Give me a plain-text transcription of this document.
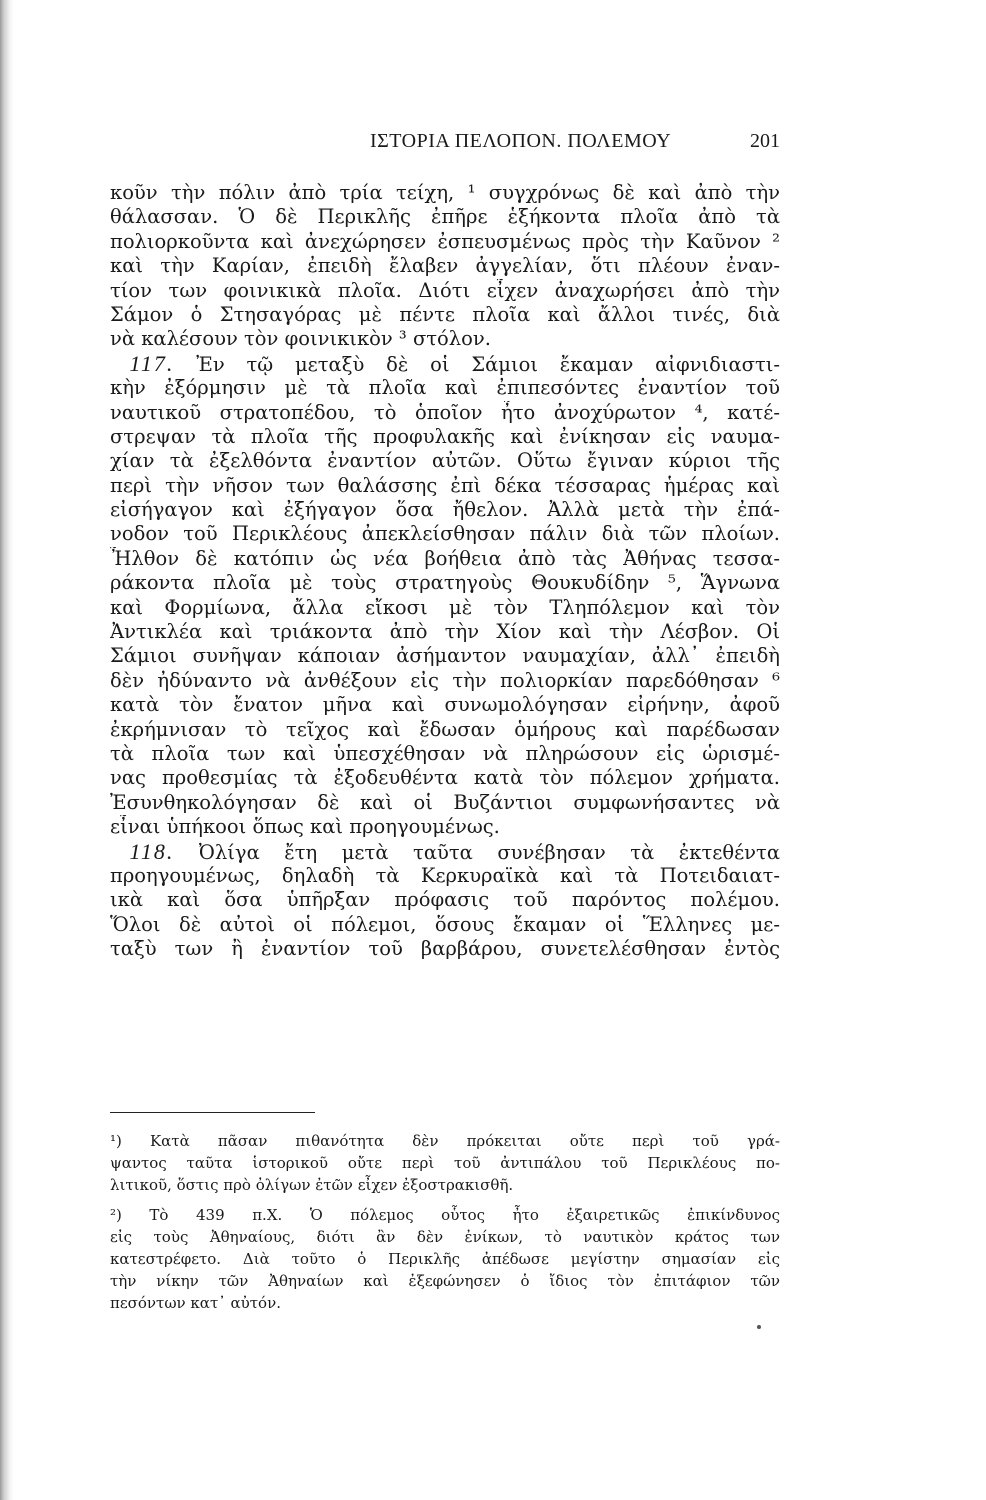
ΙΣΤΟΡΙΑ ΠΕΛΟΠΟΝ. ΠΟΛΕΜΟΥ	201
κοῦν τὴν πόλιν ἀπὸ τρία τείχη, ¹ συγχρόνως δὲ καὶ ἀπὸ τὴν
θάλασσαν. Ὁ δὲ Περικλῆς ἐπῆρε ἑξήκοντα πλοῖα ἀπὸ τὰ
πολιορκοῦντα καὶ ἀνεχώρησεν ἐσπευσμένως πρὸς τὴν Καῦνον ²
καὶ τὴν Καρίαν, ἐπειδὴ ἔλαβεν ἀγγελίαν, ὅτι πλέουν ἐναν-
τίον των φοινικικὰ πλοῖα. Διότι εἶχεν ἀναχωρήσει ἀπὸ τὴν
Σάμον ὁ Στησαγόρας μὲ πέντε πλοῖα καὶ ἄλλοι τινές, διὰ
νὰ καλέσουν τὸν φοινικικὸν ³ στόλον.
 117. Ἐν τῷ μεταξὺ δὲ οἱ Σάμιοι ἔκαμαν αἰφνιδιαστι-
κὴν ἐξόρμησιν μὲ τὰ πλοῖα καὶ ἐπιπεσόντες ἐναντίον τοῦ
ναυτικοῦ στρατοπέδου, τὸ ὁποῖον ἦτο ἀνοχύρωτον ⁴, κατέ-
στρεψαν τὰ πλοῖα τῆς προφυλακῆς καὶ ἐνίκησαν εἰς ναυμα-
χίαν τὰ ἐξελθόντα ἐναντίον αὐτῶν. Οὕτω ἔγιναν κύριοι τῆς
περὶ τὴν νῆσον των θαλάσσης ἐπὶ δέκα τέσσαρας ἡμέρας καὶ
εἰσήγαγον καὶ ἐξήγαγον ὅσα ἤθελον. Ἀλλὰ μετὰ τὴν ἐπά-
νοδον τοῦ Περικλέους ἀπεκλείσθησαν πάλιν διὰ τῶν πλοίων.
Ἦλθον δὲ κατόπιν ὡς νέα βοήθεια ἀπὸ τὰς Ἀθήνας τεσσα-
ράκοντα πλοῖα μὲ τοὺς στρατηγοὺς Θουκυδίδην ⁵, Ἅγνωνα
καὶ Φορμίωνα, ἄλλα εἴκοσι μὲ τὸν Τληπόλεμον καὶ τὸν
Ἀντικλέα καὶ τριάκοντα ἀπὸ τὴν Χίον καὶ τὴν Λέσβον. Οἱ
Σάμιοι συνῆψαν κάποιαν ἀσήμαντον ναυμαχίαν, ἀλλ᾽ ἐπειδὴ
δὲν ἠδύναντο νὰ ἀνθέξουν εἰς τὴν πολιορκίαν παρεδόθησαν ⁶
κατὰ τὸν ἔνατον μῆνα καὶ συνωμολόγησαν εἰρήνην, ἀφοῦ
ἐκρήμνισαν τὸ τεῖχος καὶ ἔδωσαν ὁμήρους καὶ παρέδωσαν
τὰ πλοῖα των καὶ ὑπεσχέθησαν νὰ πληρώσουν εἰς ὡρισμέ-
νας προθεσμίας τὰ ἐξοδευθέντα κατὰ τὸν πόλεμον χρήματα.
Ἐσυνθηκολόγησαν δὲ καὶ οἱ Βυζάντιοι συμφωνήσαντες νὰ
εἶναι ὑπήκοοι ὅπως καὶ προηγουμένως.
 118. Ὀλίγα ἔτη μετὰ ταῦτα συνέβησαν τὰ ἐκτεθέντα
προηγουμένως, δηλαδὴ τὰ Κερκυραϊκὰ καὶ τὰ Ποτειδαιατ-
ικὰ καὶ ὅσα ὑπῆρξαν πρόφασις τοῦ παρόντος πολέμου.
Ὅλοι δὲ αὐτοὶ οἱ πόλεμοι, ὅσους ἔκαμαν οἱ Ἕλληνες με-
ταξὺ των ἢ ἐναντίον τοῦ βαρβάρου, συνετελέσθησαν ἐντὸς
¹) Κατὰ πᾶσαν πιθανότητα δὲν πρόκειται οὔτε περὶ τοῦ γρά-
ψαντος ταῦτα ἱστορικοῦ οὔτε περὶ τοῦ ἀντιπάλου τοῦ Περικλέους πο-
λιτικοῦ, ὅστις πρὸ ὀλίγων ἐτῶν εἶχεν ἐξοστρακισθῆ.
²) Τὸ 439 π.Χ. Ὁ πόλεμος οὗτος ἦτο ἐξαιρετικῶς ἐπικίνδυνος
εἰς τοὺς Ἀθηναίους, διότι ἂν δὲν ἐνίκων, τὸ ναυτικὸν κράτος των
κατεστρέφετο. Διὰ τοῦτο ὁ Περικλῆς ἀπέδωσε μεγίστην σημασίαν εἰς
τὴν νίκην τῶν Ἀθηναίων καὶ ἐξεφώνησεν ὁ ἴδιος τὸν ἐπιτάφιον τῶν
πεσόντων κατ᾽ αὐτόν.
